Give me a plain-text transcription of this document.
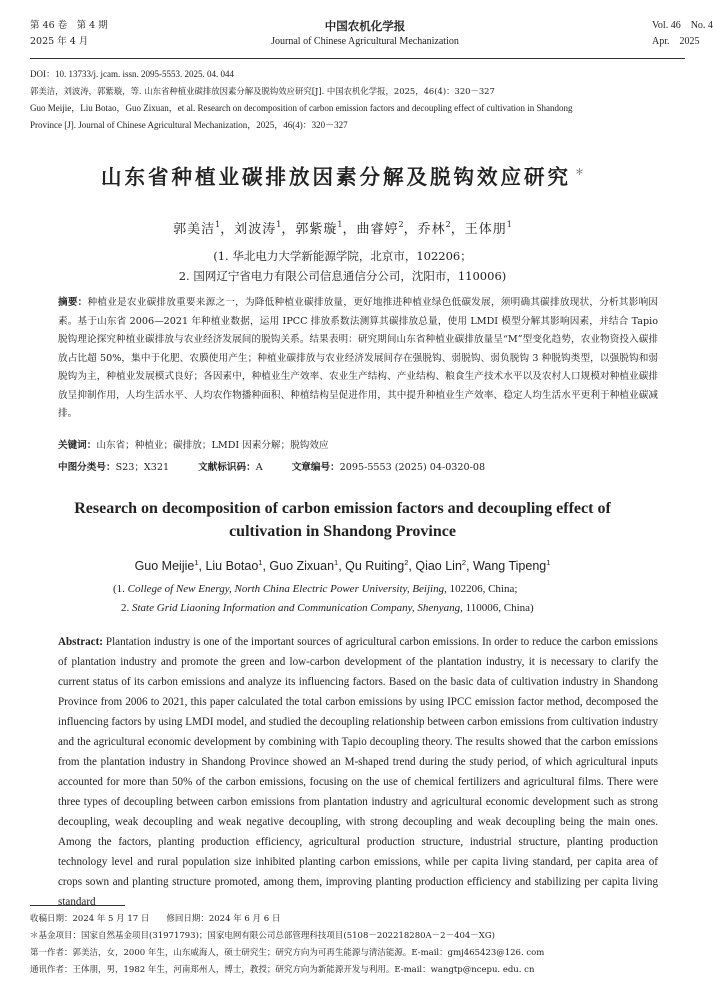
第 46 卷　第 4 期
2025 年 4 月
中国农机化学报
Journal of Chinese Agricultural Mechanization
Vol. 46　No. 4
Apr.　2025
DOI：10. 13733/j. jcam. issn. 2095-5553. 2025. 04. 044
郭美洁，刘波涛，郭紫璇，等. 山东省种植业碳排放因素分解及脱钩效应研究[J]. 中国农机化学报，2025，46(4)：320－327
Guo Meijie，Liu Botao，Guo Zixuan，et al. Research on decomposition of carbon emission factors and decoupling effect of cultivation in Shandong
Province [J]. Journal of Chinese Agricultural Mechanization，2025，46(4)：320－327
山东省种植业碳排放因素分解及脱钩效应研究 ＊
郭美洁$^1$，刘波涛$^1$，郭紫璇$^1$，曲睿婷$^2$，乔林$^2$，王体朋$^1$
(1. 华北电力大学新能源学院，北京市，102206；
2. 国网辽宁省电力有限公司信息通信分公司，沈阳市，110006)
摘要：种植业是农业碳排放重要来源之一，为降低种植业碳排放量，更好地推进种植业绿色低碳发展，须明确其碳排放现状，分析其影响因素。基于山东省 2006—2021 年种植业数据，运用 IPCC 排放系数法测算其碳排放总量，使用 LMDI 模型分解其影响因素，并结合 Tapio 脱钩理论探究种植业碳排放与农业经济发展间的脱钩关系。结果表明：研究期间山东省种植业碳排放量呈“M”型变化趋势，农业物资投入碳排放占比超 50%，集中于化肥、农膜使用产生；种植业碳排放与农业经济发展间存在强脱钩、弱脱钩、弱负脱钩 3 种脱钩类型，以强脱钩和弱脱钩为主，种植业发展模式良好；各因素中，种植业生产效率、农业生产结构、产业结构、粮食生产技术水平以及农村人口规模对种植业碳排放呈抑制作用，人均生活水平、人均农作物播种面积、种植结构呈促进作用，其中提升种植业生产效率、稳定人均生活水平更利于种植业碳减排。
关键词：山东省；种植业；碳排放；LMDI 因素分解；脱钩效应
中图分类号：S23；X321	文献标识码：A	文章编号：2095-5553 (2025) 04-0320-08
Research on decomposition of carbon emission factors and decoupling effect of
cultivation in Shandong Province
Guo Meijie$^1$, Liu Botao$^1$, Guo Zixuan$^1$, Qu Ruiting$^2$, Qiao Lin$^2$, Wang Tipeng$^1$
(1. College of New Energy, North China Electric Power University, Beijing, 102206, China;
2. State Grid Liaoning Information and Communication Company, Shenyang, 110006, China)
Abstract: Plantation industry is one of the important sources of agricultural carbon emissions. In order to reduce the carbon emissions of plantation industry and promote the green and low-carbon development of the plantation industry, it is necessary to clarify the current status of its carbon emissions and analyze its influencing factors. Based on the basic data of cultivation industry in Shandong Province from 2006 to 2021, this paper calculated the total carbon emissions by using IPCC emission factor method, decomposed the influencing factors by using LMDI model, and studied the decoupling relationship between carbon emissions from cultivation industry and the agricultural economic development by combining with Tapio decoupling theory. The results showed that the carbon emissions from the plantation industry in Shandong Province showed an M-shaped trend during the study period, of which agricultural inputs accounted for more than 50% of the carbon emissions, focusing on the use of chemical fertilizers and agricultural films. There were three types of decoupling between carbon emissions from plantation industry and agricultural economic development such as strong decoupling, weak decoupling and weak negative decoupling, with strong decoupling and weak decoupling being the main ones. Among the factors, planting production efficiency, agricultural production structure, industrial structure, planting production technology level and rural population size inhibited planting carbon emissions, while per capita living standard, per capita area of crops sown and planting structure promoted, among them, improving planting production efficiency and stabilizing per capita living standard
收稿日期：2024 年 5 月 17 日　　修回日期：2024 年 6 月 6 日
＊基金项目：国家自然基金项目(31971793)；国家电网有限公司总部管理科技项目(5108－202218280A－2－404－XG)
第一作者：郭美洁，女，2000 年生，山东威海人，硕士研究生；研究方向为可再生能源与清洁能源。E-mail：gmj465423@126. com
通讯作者：王体朋，男，1982 年生，河南郑州人，博士，教授；研究方向为新能源开发与利用。E-mail：wangtp@ncepu. edu. cn
